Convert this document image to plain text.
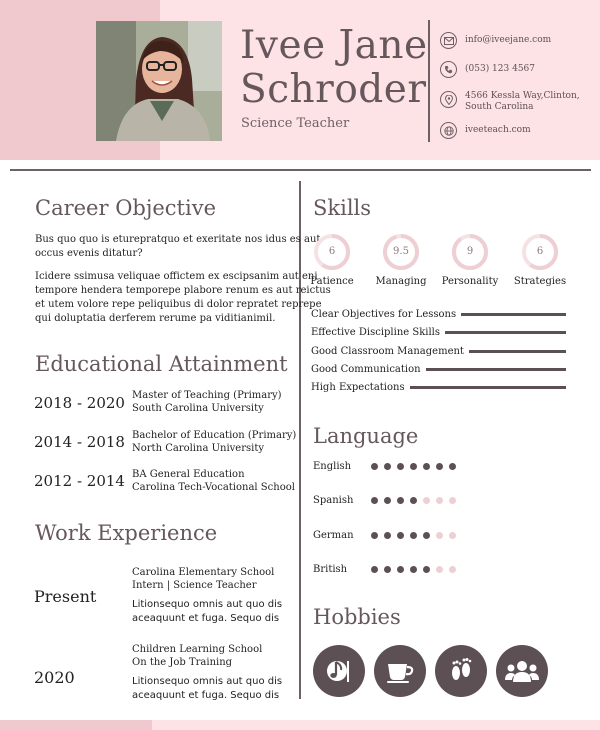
Ivee Jane
Schroder
Science Teacher
info@iveejane.com
(053) 123 4567
4566 Kessla Way,Clinton,
South Carolina
iveeteach.com
Career Objective
Bus quo quo is eturepratquo et exeritate nos idus es aut
occus evenis ditatur?
Icidere ssimusa veliquae offictem ex escipsanim aut eni
tempore hendera temporepe plabore renum es aut reictus
et utem volore repe peliquibus di dolor repratet reprepe
qui doluptatia derferem rerume pa viditianimil.
Educational Attainment
2018 - 2020 Master of Teaching (Primary)
South Carolina University
2014 - 2018 Bachelor of Education (Primary)
North Carolina University
2012 - 2014 BA General Education
Carolina Tech-Vocational School
Work Experience
Present
Carolina Elementary School
Intern | Science Teacher
Litionsequo omnis aut quo dis
aceaquunt et fuga. Sequo dis
2020
Children Learning School
On the Job Training
Litionsequo omnis aut quo dis
aceaquunt et fuga. Sequo dis
Skills
6
Patience
9.5
Managing
9
Personality
6
Strategies
Clear Objectives for Lessons
Effective Discipline Skills
Good Classroom Management
Good Communication
High Expectations
Language
English
Spanish
German
British
Hobbies
